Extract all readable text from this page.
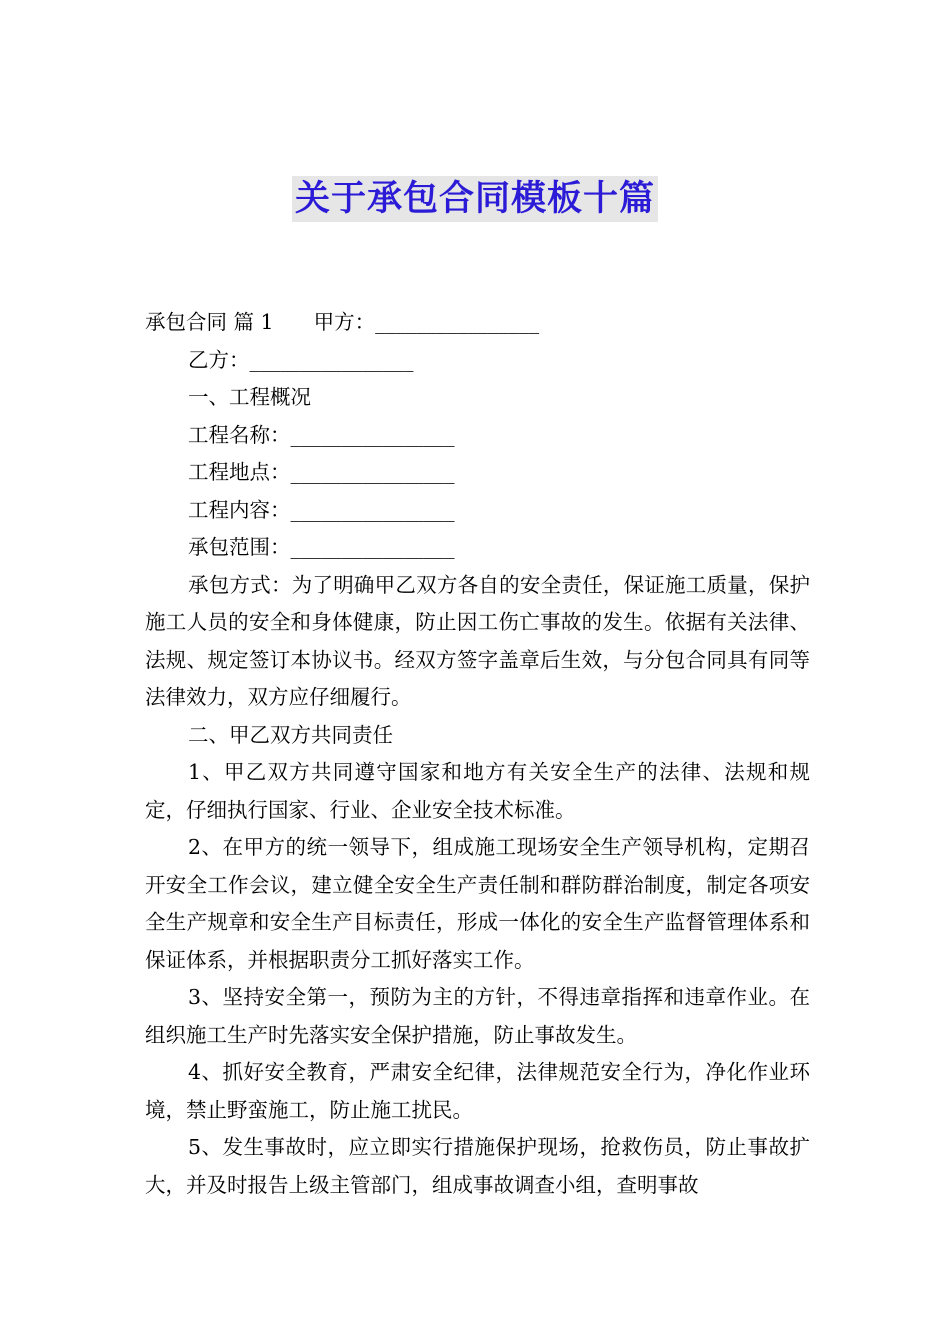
关于承包合同模板十篇
承包合同 篇 1 甲方：________________
乙方：________________
一、工程概况
工程名称：________________
工程地点：________________
工程内容：________________
承包范围：________________
承包方式：为了明确甲乙双方各自的安全责任，保证施工质量，保护施工人员的安全和身体健康，防止因工伤亡事故的发生。依据有关法律、法规、规定签订本协议书。经双方签字盖章后生效，与分包合同具有同等法律效力，双方应仔细履行。
二、甲乙双方共同责任
1、甲乙双方共同遵守国家和地方有关安全生产的法律、法规和规定，仔细执行国家、行业、企业安全技术标准。
2、在甲方的统一领导下，组成施工现场安全生产领导机构，定期召开安全工作会议，建立健全安全生产责任制和群防群治制度，制定各项安全生产规章和安全生产目标责任，形成一体化的安全生产监督管理体系和保证体系，并根据职责分工抓好落实工作。
3、坚持安全第一，预防为主的方针，不得违章指挥和违章作业。在组织施工生产时先落实安全保护措施，防止事故发生。
4、抓好安全教育，严肃安全纪律，法律规范安全行为，净化作业环境，禁止野蛮施工，防止施工扰民。
5、发生事故时，应立即实行措施保护现场，抢救伤员，防止事故扩大，并及时报告上级主管部门，组成事故调查小组，查明事故
